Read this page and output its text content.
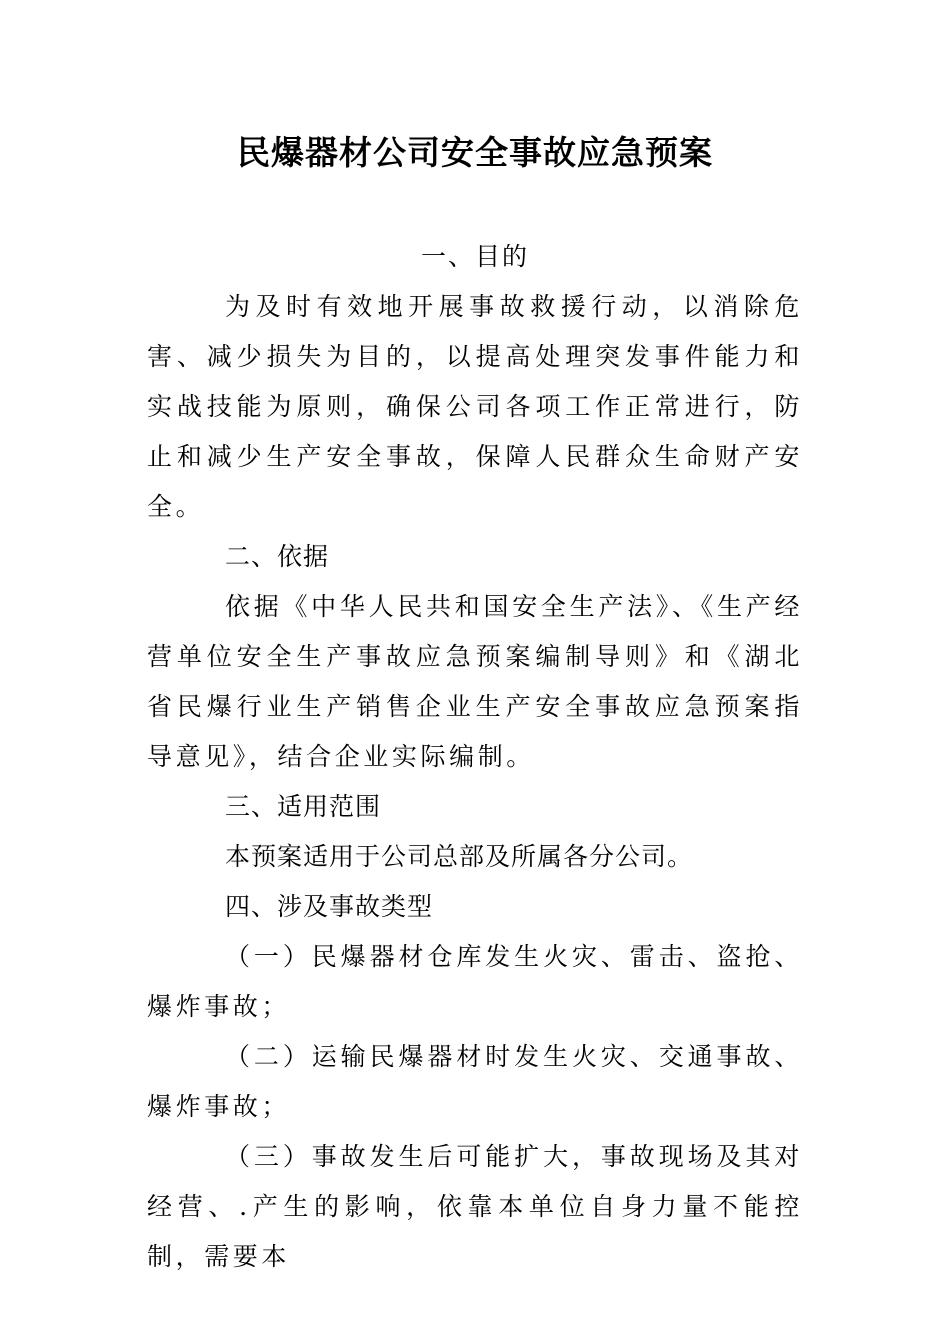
民爆器材公司安全事故应急预案

一、目的

为及时有效地开展事故救援行动，以消除危害、减少损失为目的，以提高处理突发事件能力和实战技能为原则，确保公司各项工作正常进行，防止和减少生产安全事故，保障人民群众生命财产安全。

二、依据

依据《中华人民共和国安全生产法》、《生产经营单位安全生产事故应急预案编制导则》和《湖北省民爆行业生产销售企业生产安全事故应急预案指导意见》，结合企业实际编制。

三、适用范围

本预案适用于公司总部及所属各分公司。

四、涉及事故类型

（一）民爆器材仓库发生火灾、雷击、盗抢、爆炸事故；

（二）运输民爆器材时发生火灾、交通事故、爆炸事故；

（三）事故发生后可能扩大，事故现场及其对经营、.产生的影响，依靠本单位自身力量不能控制，需要本
